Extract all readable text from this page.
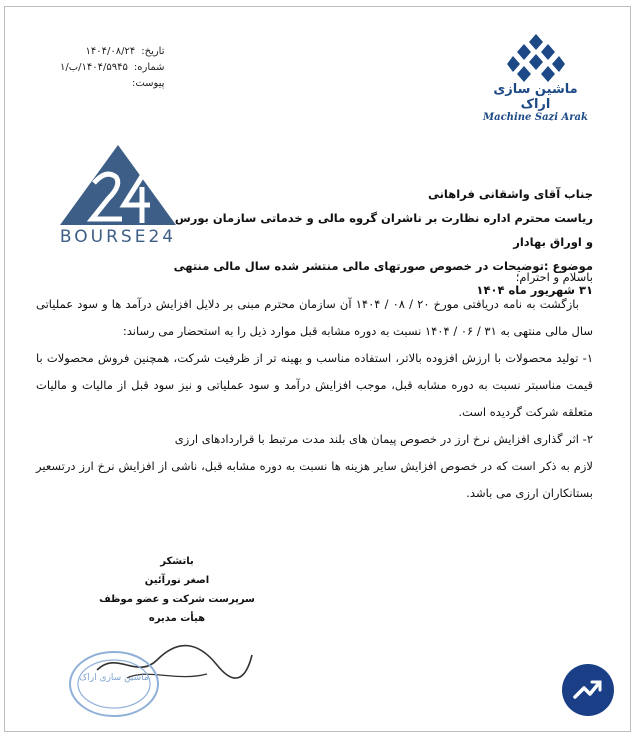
تاریخ:
۱۴۰۴/۰۸/۲۴
شماره:
۱۴۰۴/۵۹۴۵/ب/۱
پیوست:	ماشین سازی اراک
Machine Sazi Arak
BOURSE24
جناب آقای واشقانی فراهانی
ریاست محترم اداره نظارت بر ناشران گروه مالی و خدماتی سازمان بورس و اوراق بهادار
موضوع :توضیحات در خصوص صورتهای مالی منتشر شده سال مالی منتهی ۳۱ شهریور ماه ۱۴۰۴

باسلام و احترام؛

بازگشت به نامه دریافتی مورخ ۲۰ / ۰۸ / ۱۴۰۴ آن سازمان محترم مبنی بر دلایل افزایش درآمد ها و سود عملیاتی سال مالی منتهی به ۳۱ / ۰۶ / ۱۴۰۴ نسبت به دوره مشابه قبل موارد ذیل را به استحضار می رساند:

۱- تولید محصولات با ارزش افزوده بالاتر، استفاده مناسب و بهینه تر از ظرفیت شرکت، همچنین فروش محصولات با قیمت مناسبتر نسبت به دوره مشابه قبل، موجب افزایش درآمد و سود عملیاتی و نیز سود قبل از مالیات و مالیات متعلقه شرکت گردیده است.

۲- اثر گذاری افزایش نرخ ارز در خصوص پیمان های بلند مدت مرتبط با قراردادهای ارزی

لازم به ذکر است که در خصوص افزایش سایر هزینه ها نسبت به دوره مشابه قبل، ناشی از افزایش نرخ ارز درتسعیر بستانکاران ارزی می باشد.

باتشکر
اصغر نورآئین
سرپرست شرکت و عضو موظف هیأت مدیره
ماشین سازی اراک
